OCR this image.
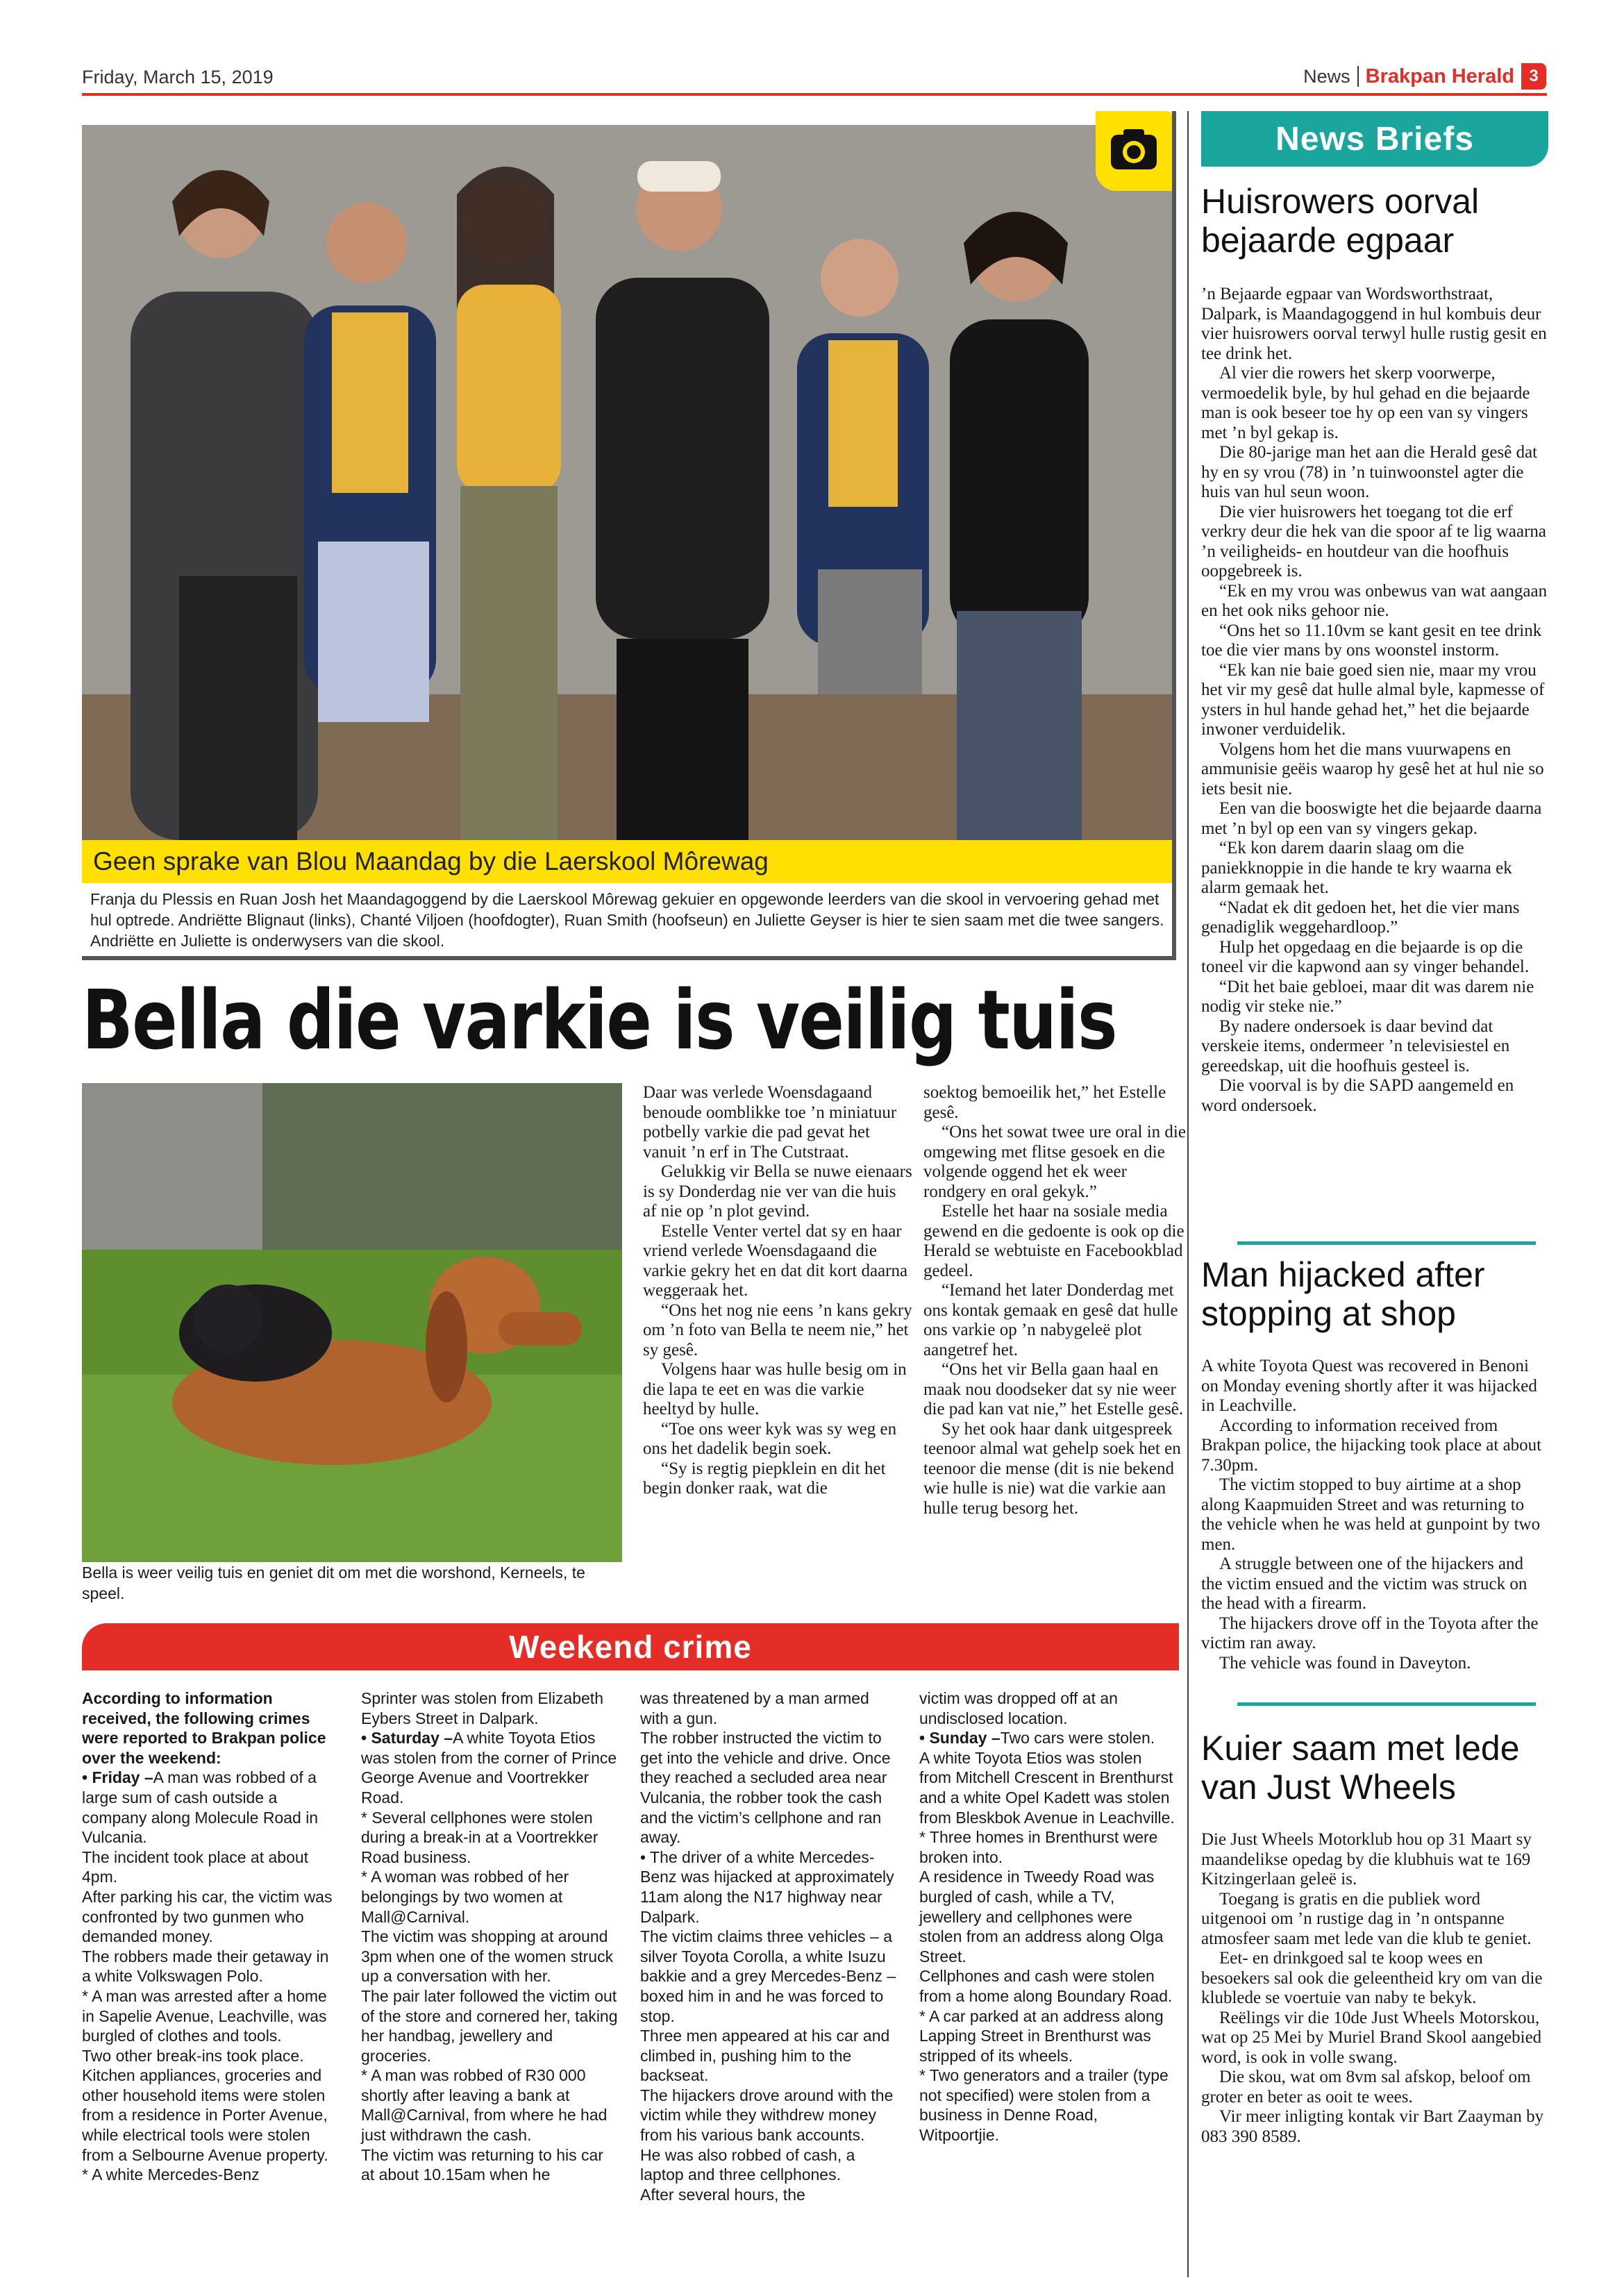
Friday, March 15, 2019	News Brakpan Herald 3
Geen sprake van Blou Maandag by die Laerskool Môrewag
Franja du Plessis en Ruan Josh het Maandagoggend by die Laerskool Môrewag gekuier en opgewonde leerders van die skool in vervoering gehad met hul optrede. Andriëtte Blignaut (links), Chanté Viljoen (hoofdogter), Ruan Smith (hoofseun) en Juliette Geyser is hier te sien saam met die twee sangers. Andriëtte en Juliette is onderwysers van die skool.
Bella die varkie is veilig tuis
Bella is weer veilig tuis en geniet dit om met die worshond, Kerneels, te speel.

Daar was verlede Woensdagaand benoude oomblikke toe ’n miniatuur potbelly varkie die pad gevat het vanuit ’n erf in The Cutstraat.

Gelukkig vir Bella se nuwe eienaars is sy Donderdag nie ver van die huis af nie op ’n plot gevind.

Estelle Venter vertel dat sy en haar vriend verlede Woensdagaand die varkie gekry het en dat dit kort daarna weggeraak het.

“Ons het nog nie eens ’n kans gekry om ’n foto van Bella te neem nie,” het sy gesê.

Volgens haar was hulle besig om in die lapa te eet en was die varkie heeltyd by hulle.

“Toe ons weer kyk was sy weg en ons het dadelik begin soek.

“Sy is regtig piepklein en dit het begin donker raak, wat die

soektog bemoeilik het,” het Estelle gesê.

“Ons het sowat twee ure oral in die omgewing met flitse gesoek en die volgende oggend het ek weer rondgery en oral gekyk.”

Estelle het haar na sosiale media gewend en die gedoente is ook op die Herald se webtuiste en Facebookblad gedeel.

“Iemand het later Donderdag met ons kontak gemaak en gesê dat hulle ons varkie op ’n nabygeleë plot aangetref het.

“Ons het vir Bella gaan haal en maak nou doodseker dat sy nie weer die pad kan vat nie,” het Estelle gesê.

Sy het ook haar dank uitgespreek teenoor almal wat gehelp soek het en teenoor die mense (dit is nie bekend wie hulle is nie) wat die varkie aan hulle terug besorg het.

Weekend crime

According to information received, the following crimes were reported to Brakpan police over the weekend:

• Friday –A man was robbed of a large sum of cash outside a company along Molecule Road in Vulcania.

The incident took place at about 4pm.

After parking his car, the victim was confronted by two gunmen who demanded money.

The robbers made their getaway in a white Volkswagen Polo.

* A man was arrested after a home in Sapelie Avenue, Leachville, was burgled of clothes and tools.

Two other break-ins took place. Kitchen appliances, groceries and other household items were stolen from a residence in Porter Avenue, while electrical tools were stolen from a Selbourne Avenue property.

* A white Mercedes-Benz

Sprinter was stolen from Elizabeth Eybers Street in Dalpark.

• Saturday –A white Toyota Etios was stolen from the corner of Prince George Avenue and Voortrekker Road.

* Several cellphones were stolen during a break-in at a Voortrekker Road business.

* A woman was robbed of her belongings by two women at Mall@Carnival.

The victim was shopping at around 3pm when one of the women struck up a conversation with her.

The pair later followed the victim out of the store and cornered her, taking her handbag, jewellery and groceries.

* A man was robbed of R30 000 shortly after leaving a bank at Mall@Carnival, from where he had just withdrawn the cash.

The victim was returning to his car at about 10.15am when he

was threatened by a man armed with a gun.

The robber instructed the victim to get into the vehicle and drive. Once they reached a secluded area near Vulcania, the robber took the cash and the victim’s cellphone and ran away.

• The driver of a white Mercedes-Benz was hijacked at approximately 11am along the N17 highway near Dalpark.

The victim claims three vehicles – a silver Toyota Corolla, a white Isuzu bakkie and a grey Mercedes-Benz – boxed him in and he was forced to stop.

Three men appeared at his car and climbed in, pushing him to the backseat.

The hijackers drove around with the victim while they withdrew money from his various bank accounts.

He was also robbed of cash, a laptop and three cellphones.

After several hours, the

victim was dropped off at an undisclosed location.

• Sunday –Two cars were stolen.

A white Toyota Etios was stolen from Mitchell Crescent in Brenthurst and a white Opel Kadett was stolen from Bleskbok Avenue in Leachville.

* Three homes in Brenthurst were broken into.

A residence in Tweedy Road was burgled of cash, while a TV, jewellery and cellphones were stolen from an address along Olga Street.

Cellphones and cash were stolen from a home along Boundary Road.

* A car parked at an address along Lapping Street in Brenthurst was stripped of its wheels.

* Two generators and a trailer (type not specified) were stolen from a business in Denne Road, Witpoortjie.

News Briefs
Huisrowers oorval bejaarde egpaar

’n Bejaarde egpaar van Wordsworthstraat, Dalpark, is Maandagoggend in hul kombuis deur vier huisrowers oorval terwyl hulle rustig gesit en tee drink het.

Al vier die rowers het skerp voorwerpe, vermoedelik byle, by hul gehad en die bejaarde man is ook beseer toe hy op een van sy vingers met ’n byl gekap is.

Die 80-jarige man het aan die Herald gesê dat hy en sy vrou (78) in ’n tuinwoonstel agter die huis van hul seun woon.

Die vier huisrowers het toegang tot die erf verkry deur die hek van die spoor af te lig waarna ’n veiligheids- en houtdeur van die hoofhuis oopgebreek is.

“Ek en my vrou was onbewus van wat aangaan en het ook niks gehoor nie.

“Ons het so 11.10vm se kant gesit en tee drink toe die vier mans by ons woonstel instorm.

“Ek kan nie baie goed sien nie, maar my vrou het vir my gesê dat hulle almal byle, kapmesse of ysters in hul hande gehad het,” het die bejaarde inwoner verduidelik.

Volgens hom het die mans vuurwapens en ammunisie geëis waarop hy gesê het at hul nie so iets besit nie.

Een van die booswigte het die bejaarde daarna met ’n byl op een van sy vingers gekap.

“Ek kon darem daarin slaag om die paniekknoppie in die hande te kry waarna ek alarm gemaak het.

“Nadat ek dit gedoen het, het die vier mans genadiglik weggehardloop.”

Hulp het opgedaag en die bejaarde is op die toneel vir die kapwond aan sy vinger behandel.

“Dit het baie gebloei, maar dit was darem nie nodig vir steke nie.”

By nadere ondersoek is daar bevind dat verskeie items, ondermeer ’n televisiestel en gereedskap, uit die hoofhuis gesteel is.

Die voorval is by die SAPD aangemeld en word ondersoek.

Man hijacked after stopping at shop

A white Toyota Quest was recovered in Benoni on Monday evening shortly after it was hijacked in Leachville.

According to information received from Brakpan police, the hijacking took place at about 7.30pm.

The victim stopped to buy airtime at a shop along Kaapmuiden Street and was returning to the vehicle when he was held at gunpoint by two men.

A struggle between one of the hijackers and the victim ensued and the victim was struck on the head with a firearm.

The hijackers drove off in the Toyota after the victim ran away.

The vehicle was found in Daveyton.

Kuier saam met lede van Just Wheels

Die Just Wheels Motorklub hou op 31 Maart sy maandelikse opedag by die klubhuis wat te 169 Kitzingerlaan geleë is.

Toegang is gratis en die publiek word uitgenooi om ’n rustige dag in ’n ontspanne atmosfeer saam met lede van die klub te geniet.

Eet- en drinkgoed sal te koop wees en besoekers sal ook die geleentheid kry om van die klublede se voertuie van naby te bekyk.

Reëlings vir die 10de Just Wheels Motorskou, wat op 25 Mei by Muriel Brand Skool aangebied word, is ook in volle swang.

Die skou, wat om 8vm sal afskop, beloof om groter en beter as ooit te wees.

Vir meer inligting kontak vir Bart Zaayman by 083 390 8589.
